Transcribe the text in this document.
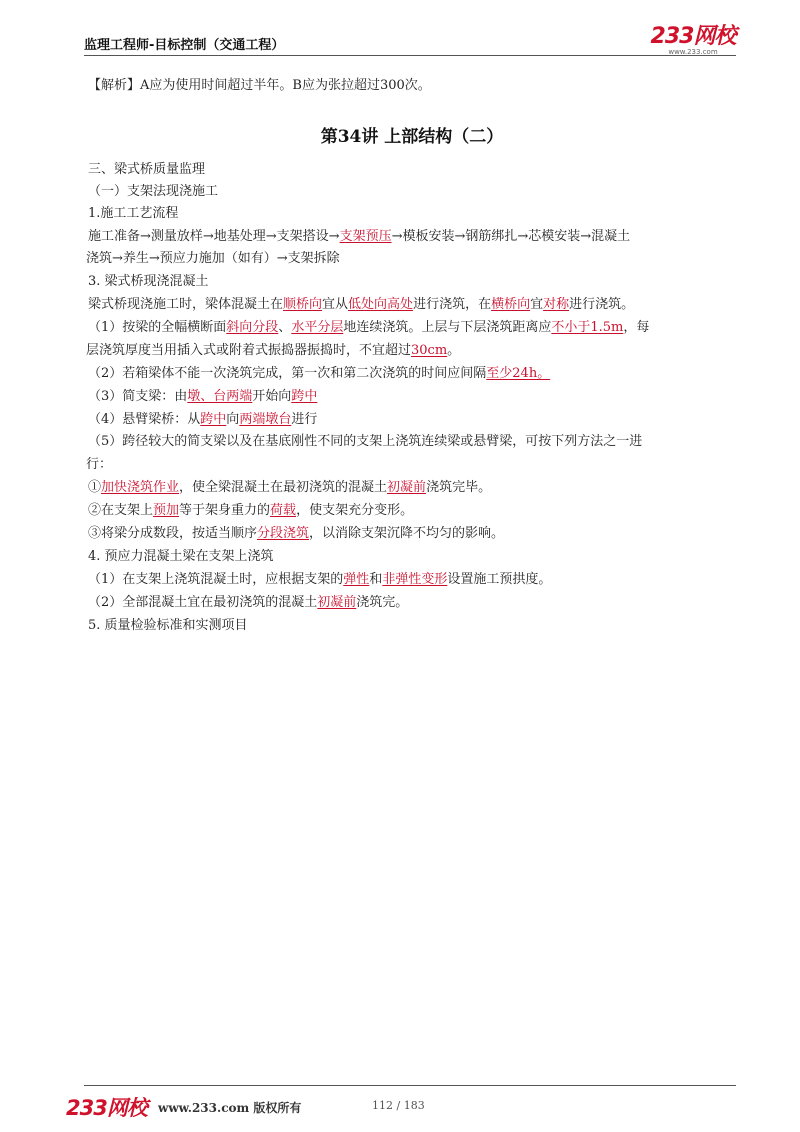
监理工程师-目标控制（交通工程）	233网校
www.233.com
【解析】A应为使用时间超过半年。B应为张拉超过300次。
第34讲 上部结构（二）
三、梁式桥质量监理
（一）支架法现浇施工
1.施工工艺流程
施工准备→测量放样→地基处理→支架搭设→支架预压→模板安装→钢筋绑扎→芯模安装→混凝土
浇筑→养生→预应力施加（如有）→支架拆除
3. 梁式桥现浇混凝土
梁式桥现浇施工时，梁体混凝土在顺桥向宜从低处向高处进行浇筑，在横桥向宜对称进行浇筑。
（1）按梁的全幅横断面斜向分段、水平分层地连续浇筑。上层与下层浇筑距离应不小于1.5m，每
层浇筑厚度当用插入式或附着式振捣器振捣时，不宜超过30cm。
（2）若箱梁体不能一次浇筑完成，第一次和第二次浇筑的时间应间隔至少24h。
（3）简支梁：由墩、台两端开始向跨中
（4）悬臂梁桥：从跨中向两端墩台进行
（5）跨径较大的简支梁以及在基底刚性不同的支架上浇筑连续梁或悬臂梁，可按下列方法之一进
行：
①加快浇筑作业，使全梁混凝土在最初浇筑的混凝土初凝前浇筑完毕。
②在支架上预加等于架身重力的荷载，使支架充分变形。
③将梁分成数段，按适当顺序分段浇筑，以消除支架沉降不均匀的影响。
4. 预应力混凝土梁在支架上浇筑
（1）在支架上浇筑混凝土时，应根据支架的弹性和非弹性变形设置施工预拱度。
（2）全部混凝土宜在最初浇筑的混凝土初凝前浇筑完。
5. 质量检验标准和实测项目
233网校 www.233.com 版权所有	112 / 183
